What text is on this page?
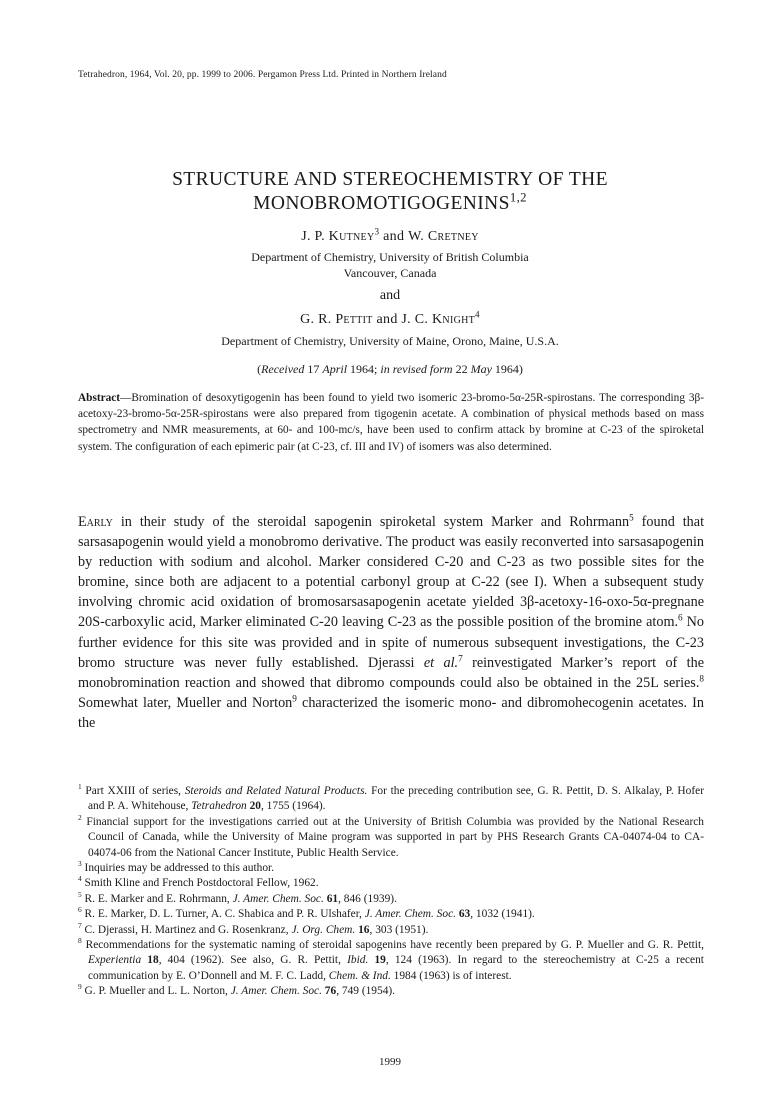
Tetrahedron, 1964, Vol. 20, pp. 1999 to 2006. Pergamon Press Ltd. Printed in Northern Ireland
STRUCTURE AND STEREOCHEMISTRY OF THE
MONOBROMOTIGOGENINS$^{1,2}$
J. P. Kutney$^3$ and W. Cretney
Department of Chemistry, University of British Columbia
Vancouver, Canada
and
G. R. Pettit and J. C. Knight$^4$
Department of Chemistry, University of Maine, Orono, Maine, U.S.A.
(Received 17 April 1964; in revised form 22 May 1964)
Abstract—Bromination of desoxytigogenin has been found to yield two isomeric 23-bromo-5α-25R-spirostans. The corresponding 3β-acetoxy-23-bromo-5α-25R-spirostans were also prepared from tigogenin acetate. A combination of physical methods based on mass spectrometry and NMR measurements, at 60- and 100-mc/s, have been used to confirm attack by bromine at C-23 of the spiroketal system. The configuration of each epimeric pair (at C-23, cf. III and IV) of isomers was also determined.
Early in their study of the steroidal sapogenin spiroketal system Marker and Rohrmann$^5$ found that sarsasapogenin would yield a monobromo derivative. The product was easily reconverted into sarsasapogenin by reduction with sodium and alcohol. Marker considered C-20 and C-23 as two possible sites for the bromine, since both are adjacent to a potential carbonyl group at C-22 (see I). When a subsequent study involving chromic acid oxidation of bromosarsasapogenin acetate yielded 3β-acetoxy-16-oxo-5α-pregnane 20S-carboxylic acid, Marker eliminated C-20 leaving C-23 as the possible position of the bromine atom.$^6$ No further evidence for this site was provided and in spite of numerous subsequent investigations, the C-23 bromo structure was never fully established. Djerassi et al.$^7$ reinvestigated Marker’s report of the monobromination reaction and showed that dibromo compounds could also be obtained in the 25L series.$^8$ Somewhat later, Mueller and Norton$^9$ characterized the isomeric mono- and dibromohecogenin acetates. In the

$^1$ Part XXIII of series, Steroids and Related Natural Products. For the preceding contribution see, G. R. Pettit, D. S. Alkalay, P. Hofer and P. A. Whitehouse, Tetrahedron 20, 1755 (1964).

$^2$ Financial support for the investigations carried out at the University of British Columbia was provided by the National Research Council of Canada, while the University of Maine program was supported in part by PHS Research Grants CA-04074-04 to CA-04074-06 from the National Cancer Institute, Public Health Service.

$^3$ Inquiries may be addressed to this author.

$^4$ Smith Kline and French Postdoctoral Fellow, 1962.

$^5$ R. E. Marker and E. Rohrmann, J. Amer. Chem. Soc. 61, 846 (1939).

$^6$ R. E. Marker, D. L. Turner, A. C. Shabica and P. R. Ulshafer, J. Amer. Chem. Soc. 63, 1032 (1941).

$^7$ C. Djerassi, H. Martinez and G. Rosenkranz, J. Org. Chem. 16, 303 (1951).

$^8$ Recommendations for the systematic naming of steroidal sapogenins have recently been prepared by G. P. Mueller and G. R. Pettit, Experientia 18, 404 (1962). See also, G. R. Pettit, Ibid. 19, 124 (1963). In regard to the stereochemistry at C-25 a recent communication by E. O’Donnell and M. F. C. Ladd, Chem. & Ind. 1984 (1963) is of interest.

$^9$ G. P. Mueller and L. L. Norton, J. Amer. Chem. Soc. 76, 749 (1954).

1999
